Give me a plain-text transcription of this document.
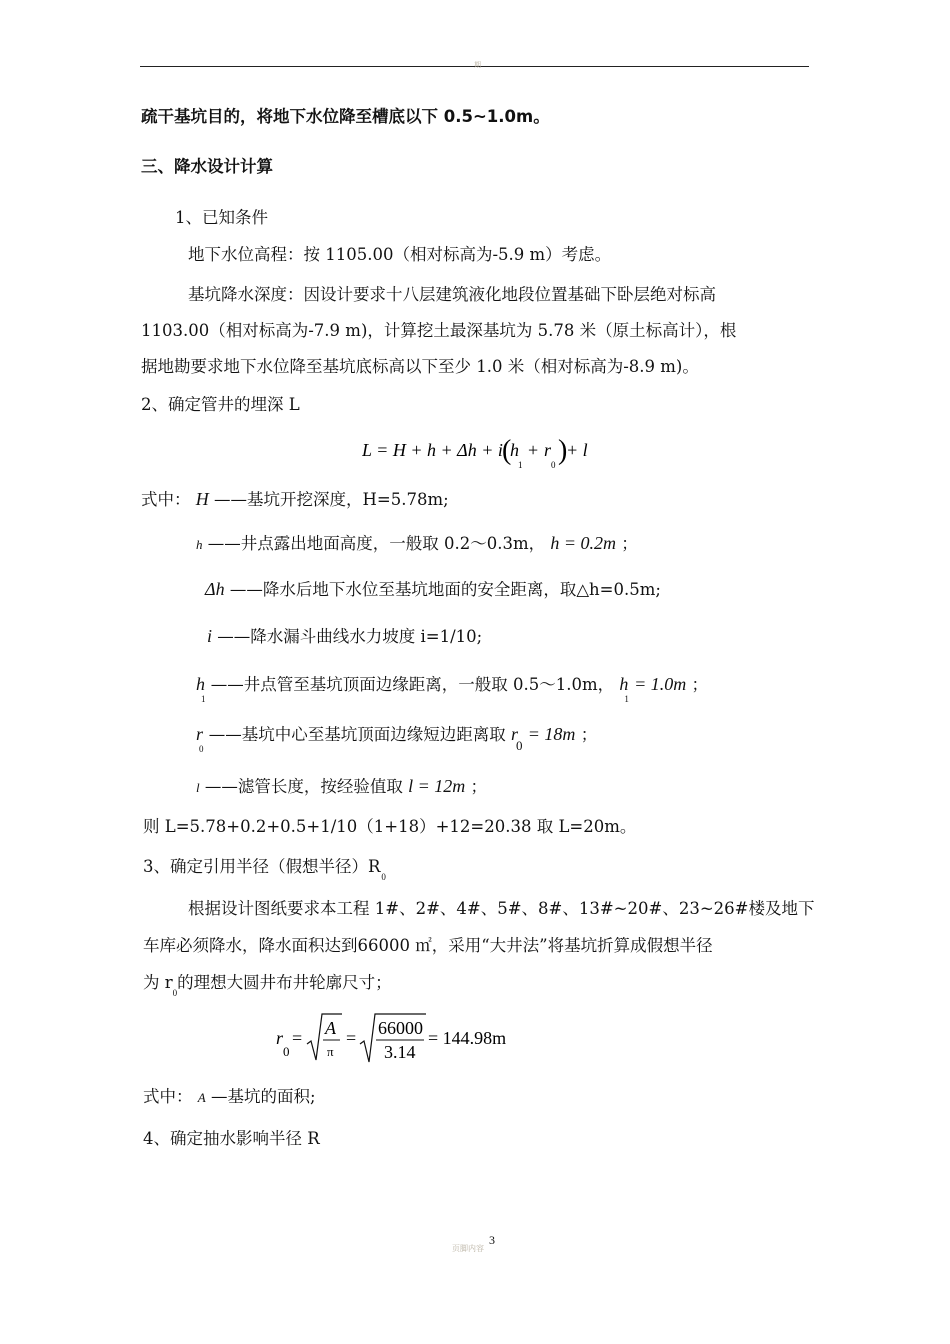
期
疏干基坑目的，将地下水位降至槽底以下 0.5~1.0m。
三、降水设计计算
1、已知条件
地下水位高程：按 1105.00（相对标高为-5.9 m）考虑。
基坑降水深度：因设计要求十八层建筑液化地段位置基础下卧层绝对标高
1103.00（相对标高为-7.9 m)，计算挖土最深基坑为 5.78 米（原土标高计），根
据地勘要求地下水位降至基坑底标高以下至少 1.0 米（相对标高为-8.9 m)。
2、确定管井的埋深 L
L = H + h + Δh + i (
h
1
+ r
0 )
+ l
式中： H ——基坑开挖深度，H=5.78m;
h ——井点露出地面高度，一般取 0.2～0.3m， h = 0.2m ；
Δh ——降水后地下水位至基坑地面的安全距离，取△h=0.5m;
i ——降水漏斗曲线水力坡度 i=1/10;
$h_1$ ——井点管至基坑顶面边缘距离，一般取 0.5～1.0m， $h_1 = 1.0m$ ；
$r_0$ ——基坑中心至基坑顶面边缘短边距离取 $r_0 = 18m$ ；
l ——滤管长度，按经验值取 l = 12m ；
则 L=5.78+0.2+0.5+1/10（1+18）+12=20.38 取 L=20m。
3、确定引用半径（假想半径）$R_0$
根据设计图纸要求本工程 1#、2#、4#、5#、8#、13#~20#、23~26#楼及地下
车库必须降水，降水面积达到66000 ㎡，采用“大井法”将基坑折算成假想半径
为 $r_0$的理想大圆井布井轮廓尺寸；
r
0
= A
π
= 66000
3.14
= 144.98m
式中： A —基坑的面积;
4、确定抽水影响半径 R
页脚内容
3
